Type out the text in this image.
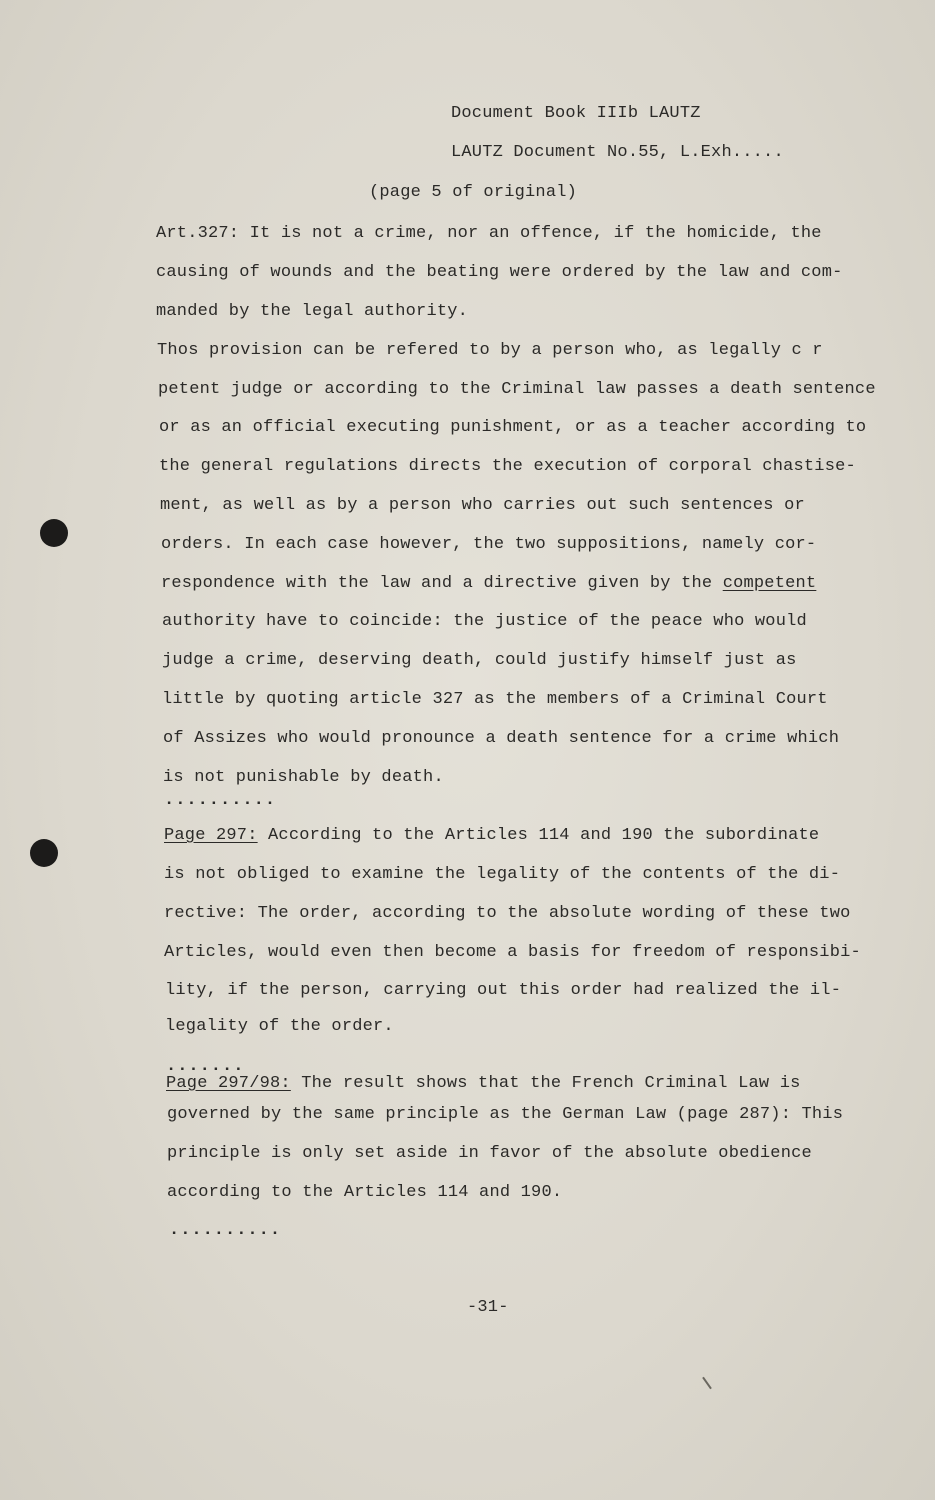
Document Book IIIb LAUTZ
LAUTZ Document No.55, L.Exh.....
(page 5 of original)
Art.327: It is not a crime, nor an offence, if the homicide, the
causing of wounds and the beating were ordered by the law and com-
manded by the legal authority.
Thos provision can be refered to by a person who, as legally c r
petent judge or according to the Criminal law passes a death sentence
or as an official executing punishment, or as a teacher according to
the general regulations directs the execution of corporal chastise-
ment, as well as by a person who carries out such sentences or
orders. In each case however, the two suppositions, namely cor-
respondence with the law and a directive given by the competent
authority have to coincide: the justice of the peace who would
judge a crime, deserving death, could justify himself just as
little by quoting article 327 as the members of a Criminal Court
of Assizes who would pronounce a death sentence for a crime which
is not punishable by death.
..........
Page 297: According to the Articles 114 and 190 the subordinate
is not obliged to examine the legality of the contents of the di-
rective: The order, according to the absolute wording of these two
Articles, would even then become a basis for freedom of responsibi-
lity, if the person, carrying out this order had realized the il-
legality of the order.
.......
Page 297/98: The result shows that the French Criminal Law is
governed by the same principle as the German Law (page 287): This
principle is only set aside in favor of the absolute obedience
according to the Articles 114 and 190.
..........
-31-
